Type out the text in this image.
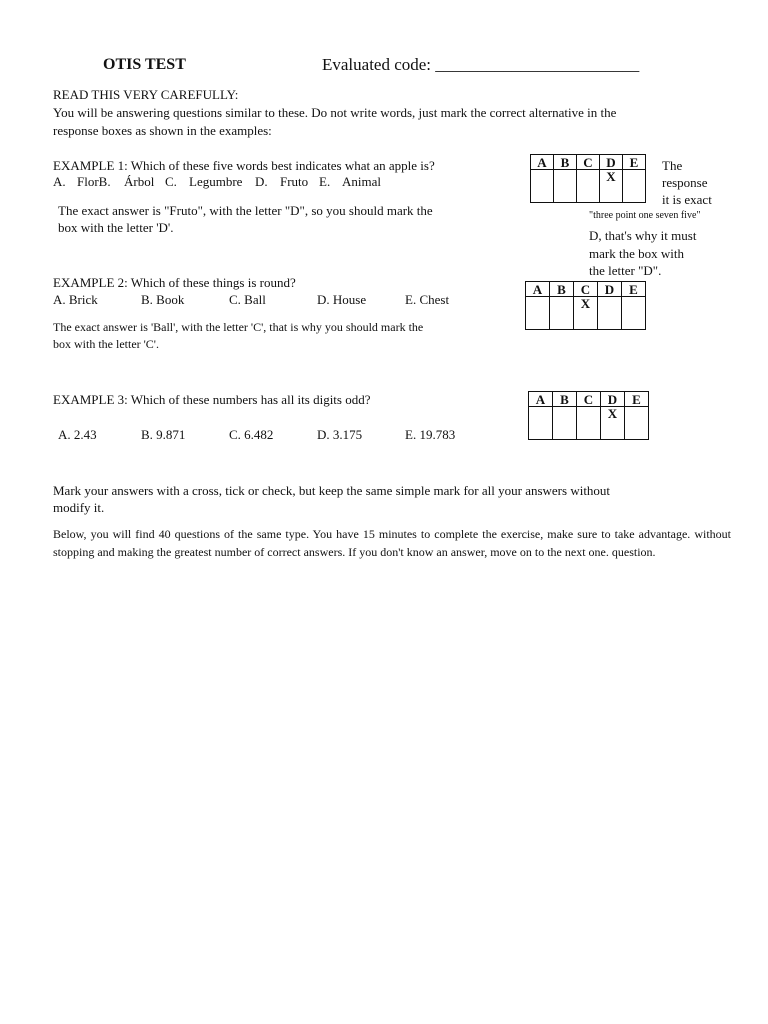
OTIS TEST	Evaluated code: ________________________
READ THIS VERY CAREFULLY:
You will be answering questions similar to these. Do not write words, just mark the correct alternative in the
response boxes as shown in the examples:
EXAMPLE 1: Which of these five words best indicates what an apple is?
A. FlorB. Árbol C. Legumbre D. Fruto E. Animal
The exact answer is "Fruto", with the letter "D", so you should mark the
box with the letter 'D'.
A	B	C	D	E
			X	
The
response
it is exact
"three point one seven five"
D, that's why it must
mark the box with
the letter "D".
EXAMPLE 2: Which of these things is round?
A. Brick	B. Book	C. Ball	D. House	E. Chest
The exact answer is 'Ball', with the letter 'C', that is why you should mark the
box with the letter 'C'.
A	B	C	D	E
		X		
EXAMPLE 3: Which of these numbers has all its digits odd?
A. 2.43	B. 9.871	C. 6.482	D. 3.175	E. 19.783
A	B	C	D	E
			X	
Mark your answers with a cross, tick or check, but keep the same simple mark for all your answers without
modify it.
Below, you will find 40 questions of the same type. You have 15 minutes to complete the exercise, make sure to take advantage. without stopping and making the greatest number of correct answers. If you don't know an answer, move on to the next one. question.
